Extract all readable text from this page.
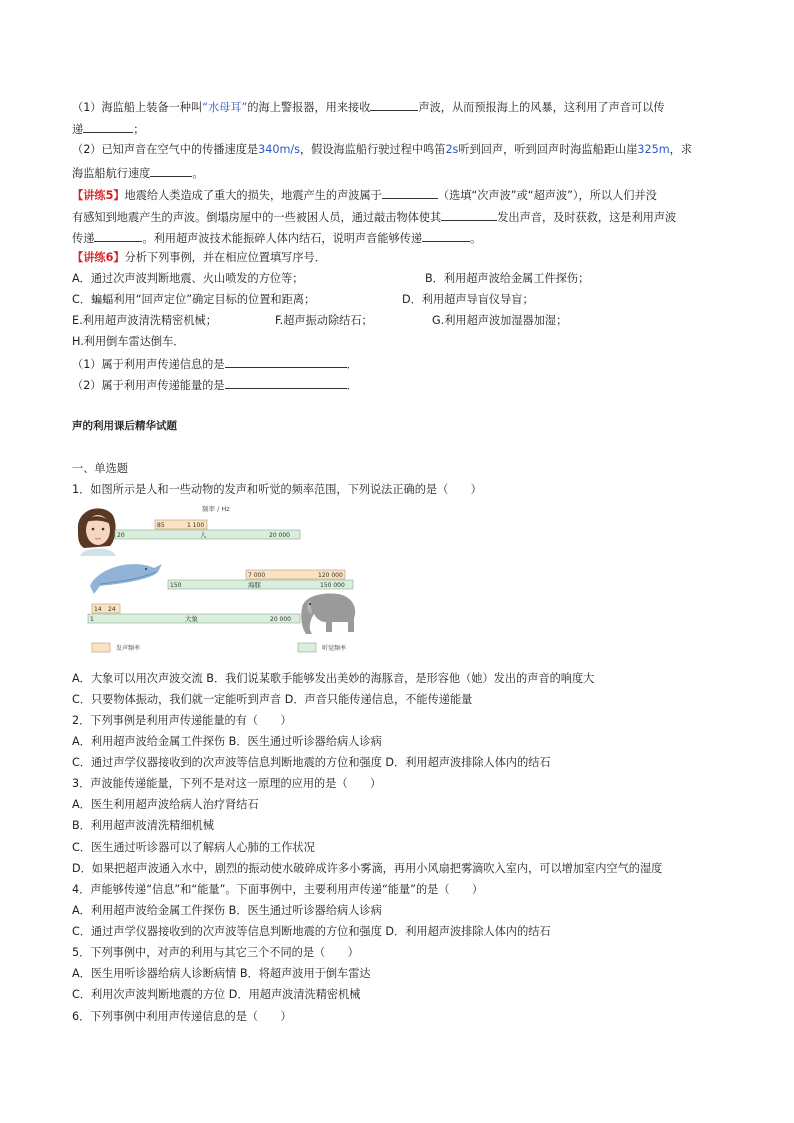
（1）海监船上装备一种叫“水母耳”的海上警报器，用来接收	声波，从而预报海上的风暴，这利用了声音可以传
递	；
（2）已知声音在空气中的传播速度是340m/s，假设海监船行驶过程中鸣笛2s听到回声，听到回声时海监船距山崖325m，求
海监船航行速度	。
【讲练5】地震给人类造成了重大的损失，地震产生的声波属于	（选填“次声波”或“超声波”），所以人们并没
有感知到地震产生的声波。倒塌房屋中的一些被困人员，通过敲击物体使其	发出声音，及时获救，这是利用声波
传递	。利用超声波技术能振碎人体内结石，说明声音能够传递	。
【讲练6】分析下列事例，并在相应位置填写序号．
A．通过次声波判断地震、火山喷发的方位等；	B．利用超声波给金属工件探伤；
C．蝙蝠利用“回声定位”确定目标的位置和距离；	D．利用超声导盲仪导盲；
E.利用超声波清洗精密机械；	F.超声振动除结石；	G.利用超声波加湿器加湿；
H.利用倒车雷达倒车．
（1）属于利用声传递信息的是	．
（2）属于利用声传递能量的是	．
声的利用课后精华试题
一、单选题
1．如图所示是人和一些动物的发声和听觉的频率范围，下列说法正确的是（　　）
频率 / Hz
85	1 100
20	人	20 000
7 000	120 000
150	海豚	150 000
14 24
1	大象	20 000
发声频率	听觉频率
A．大象可以用次声波交流 B．我们说某歌手能够发出美妙的海豚音，是形容他（她）发出的声音的响度大
C．只要物体振动，我们就一定能听到声音 D．声音只能传递信息，不能传递能量
2．下列事例是利用声传递能量的有（　　）
A．利用超声波给金属工件探伤 B．医生通过听诊器给病人诊病
C．通过声学仪器接收到的次声波等信息判断地震的方位和强度 D．利用超声波排除人体内的结石
3．声波能传递能量，下列不是对这一原理的应用的是（　　）
A．医生利用超声波给病人治疗肾结石
B．利用超声波清洗精细机械
C．医生通过听诊器可以了解病人心肺的工作状况
D．如果把超声波通入水中，剧烈的振动使水破碎成许多小雾滴，再用小风扇把雾滴吹入室内，可以增加室内空气的湿度
4．声能够传递“信息”和“能量”。下面事例中，主要利用声传递“能量”的是（　　）
A．利用超声波给金属工件探伤 B．医生通过听诊器给病人诊病
C．通过声学仪器接收到的次声波等信息判断地震的方位和强度 D．利用超声波排除人体内的结石
5．下列事例中，对声的利用与其它三个不同的是（　　）
A．医生用听诊器给病人诊断病情 B．将超声波用于倒车雷达
C．利用次声波判断地震的方位 D．用超声波清洗精密机械
6．下列事例中利用声传递信息的是（　　）
